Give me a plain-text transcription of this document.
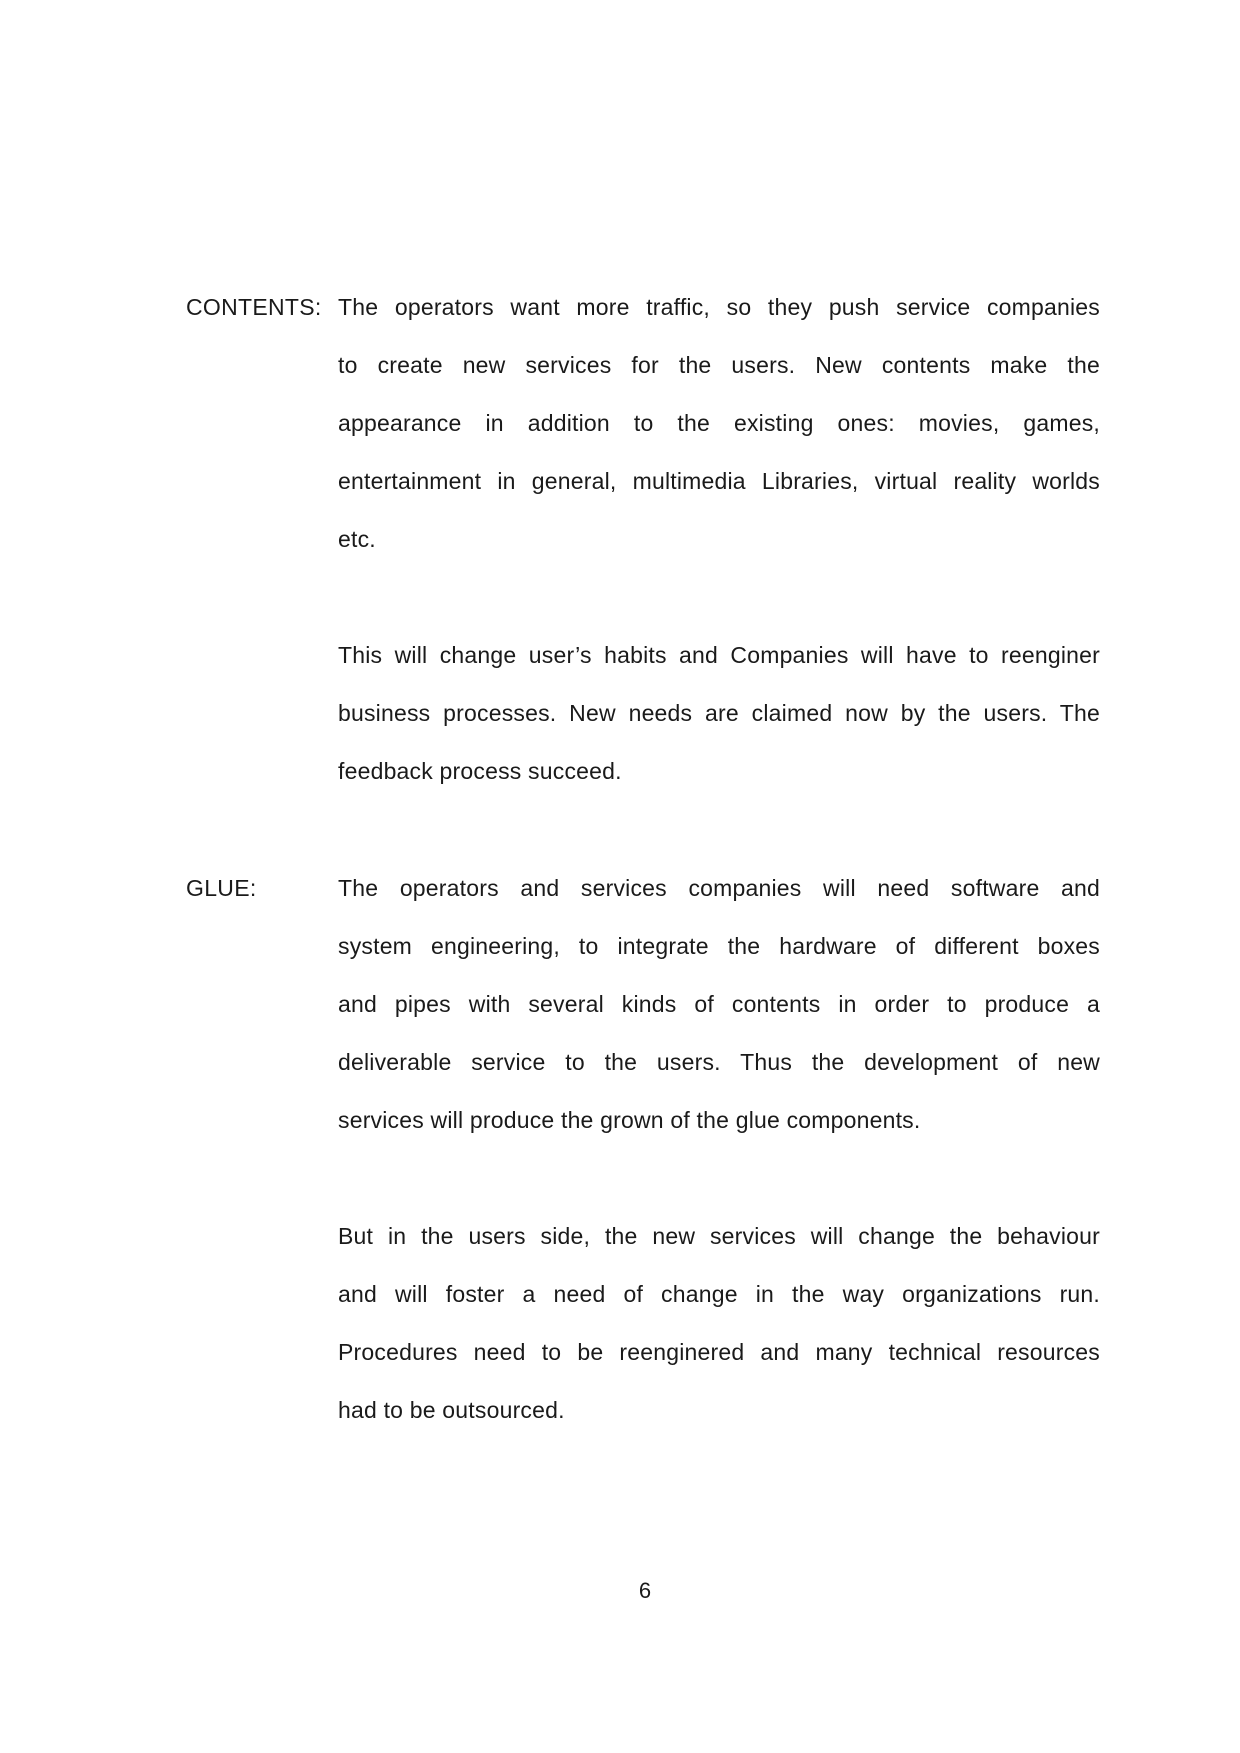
CONTENTS: The operators want more traffic, so they push service companies
to create new services for the users. New contents make the
appearance in addition to the existing ones: movies, games,
entertainment in general, multimedia Libraries, virtual reality worlds
etc.
This will change user’s habits and Companies will have to reenginer
business processes. New needs are claimed now by the users. The
feedback process succeed.
GLUE:	The operators and services companies will need software and
system engineering, to integrate the hardware of different boxes
and pipes with several kinds of contents in order to produce a
deliverable service to the users. Thus the development of new
services will produce the grown of the glue components.
But in the users side, the new services will change the behaviour
and will foster a need of change in the way organizations run.
Procedures need to be reenginered and many technical resources
had to be outsourced.
6
